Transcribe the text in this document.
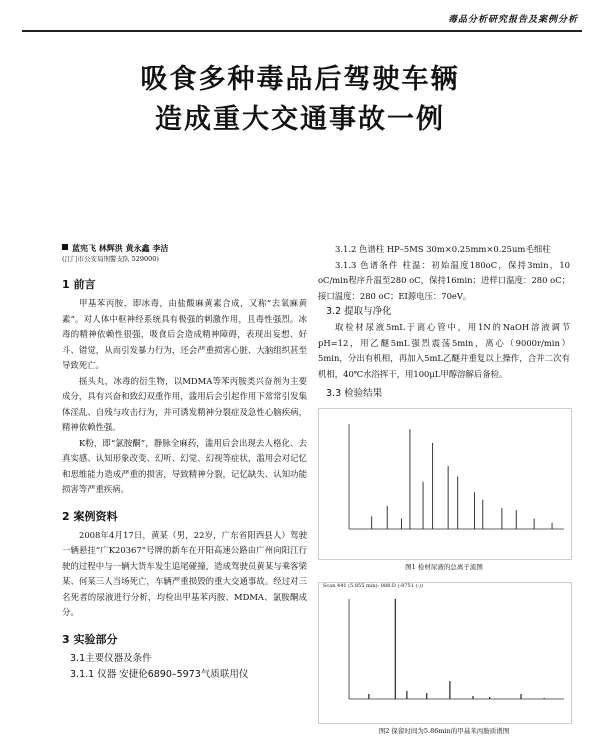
毒品分析研究报告及案例分析
吸食多种毒品后驾驶车辆
造成重大交通事故一例
蓝宪飞 林辉洪 黄永鑫 李洁
(江门市公安局刑警支队 529000)
1 前言

甲基苯丙胺，即冰毒，由盐酸麻黄素合成，又称“去氧麻黄素”。对人体中枢神经系统具有极强的刺激作用，且毒性强烈。冰毒的精神依赖性很强，吸食后会造成精神障碍，表现出妄想、好斗、错觉，从而引发暴力行为，还会严重损害心脏、大脑组织甚至导致死亡。

摇头丸，冰毒的衍生物，以MDMA等苯丙胺类兴奋剂为主要成分，具有兴奋和致幻双重作用，滥用后会引起作用下常常引发集体淫乱、自残与攻击行为，并可诱发精神分裂症及急性心脑疾病，精神依赖性强。

K粉，即“氯胺酮”，静脉全麻药，滥用后会出现去人格化、去真实感、认知形象改变、幻听、幻觉、幻视等症状，滥用会对记忆和思维能力造成严重的损害，导致精神分裂，记忆缺失、认知功能损害等严重疾病。

2 案例资料

2008年4月17日，黄某（男，22岁，广东省阳西县人）驾驶一辆悬挂“广K20367”号牌的新车在开阳高速公路由广州向阳江行驶的过程中与一辆大货车发生追尾碰撞，造成驾驶员黄某与乘客梁某、何某三人当场死亡，车辆严重损毁的重大交通事故。经过对三名死者的尿液进行分析，均检出甲基苯丙胺、MDMA、氯胺酮成分。

3 实验部分
3.1主要仪器及条件
3.1.1 仪器 安捷伦6890–5973气质联用仪

3.1.2 色谱柱 HP–5MS 30m×0.25mm×0.25um毛细柱

3.1.3 色谱条件 柱温：初始温度180oC，保持3min，10 oC/min程序升温至280 oC，保持16min；进样口温度：280 oC；接口温度：280 oC；EI源电压：70eV。

3.2 提取与净化

取检材尿液5mL于离心管中，用1N的NaOH溶液调节pH=12，用乙醚5mL强烈震荡5min，离心（9000r/min）5min，分出有机相，再加入5mL乙醚并重复以上操作，合并二次有机相，40℃水浴挥干，用100μL甲醇溶解后备检。

3.3 检验结果
图1 检材尿液的总离子流图
Scan 441 (5.855 min): 088.D (-8751 (-))
图2 保留时间为5.86min的甲基苯丙胺质谱图
